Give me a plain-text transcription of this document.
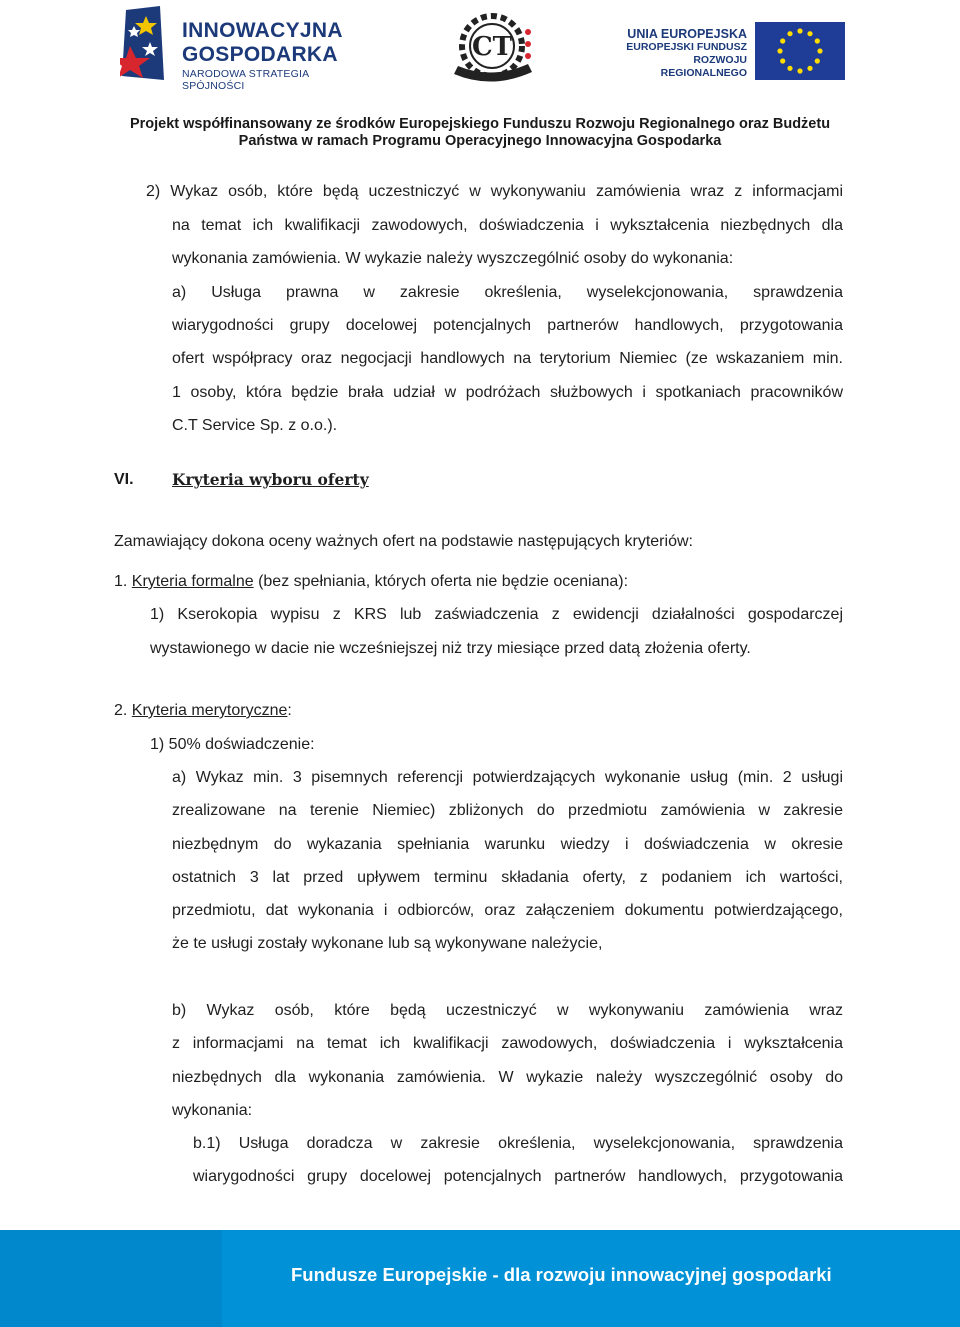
INNOWACYJNA
GOSPODARKA
NARODOWA STRATEGIA SPÓJNOŚCI
CT	UNIA EUROPEJSKA
EUROPEJSKI FUNDUSZ
ROZWOJU REGIONALNEGO
Projekt współfinansowany ze środków Europejskiego Funduszu Rozwoju Regionalnego oraz Budżetu
Państwa w ramach Programu Operacyjnego Innowacyjna Gospodarka
2) Wykaz osób, które będą uczestniczyć w wykonywaniu zamówienia wraz z informacjami
na temat ich kwalifikacji zawodowych, doświadczenia i wykształcenia niezbędnych dla
wykonania zamówienia. W wykazie należy wyszczególnić osoby do wykonania:
a) Usługa prawna w zakresie określenia, wyselekcjonowania, sprawdzenia
wiarygodności grupy docelowej potencjalnych partnerów handlowych, przygotowania
ofert współpracy oraz negocjacji handlowych na terytorium Niemiec (ze wskazaniem min.
1 osoby, która będzie brała udział w podróżach służbowych i spotkaniach pracowników
C.T Service Sp. z o.o.).
VI. Kryteria wyboru oferty
Zamawiający dokona oceny ważnych ofert na podstawie następujących kryteriów:
1. Kryteria formalne (bez spełniania, których oferta nie będzie oceniana):
1) Kserokopia wypisu z KRS lub zaświadczenia z ewidencji działalności gospodarczej
wystawionego w dacie nie wcześniejszej niż trzy miesiące przed datą złożenia oferty.
2. Kryteria merytoryczne:
1) 50% doświadczenie:
a) Wykaz min. 3 pisemnych referencji potwierdzających wykonanie usług (min. 2 usługi
zrealizowane na terenie Niemiec) zbliżonych do przedmiotu zamówienia w zakresie
niezbędnym do wykazania spełniania warunku wiedzy i doświadczenia w okresie
ostatnich 3 lat przed upływem terminu składania oferty, z podaniem ich wartości,
przedmiotu, dat wykonania i odbiorców, oraz załączeniem dokumentu potwierdzającego,
że te usługi zostały wykonane lub są wykonywane należycie,
b) Wykaz osób, które będą uczestniczyć w wykonywaniu zamówienia wraz
z informacjami na temat ich kwalifikacji zawodowych, doświadczenia i wykształcenia
niezbędnych dla wykonania zamówienia. W wykazie należy wyszczególnić osoby do
wykonania:
b.1) Usługa doradcza w zakresie określenia, wyselekcjonowania, sprawdzenia
wiarygodności grupy docelowej potencjalnych partnerów handlowych, przygotowania
Fundusze Europejskie - dla rozwoju innowacyjnej gospodarki
